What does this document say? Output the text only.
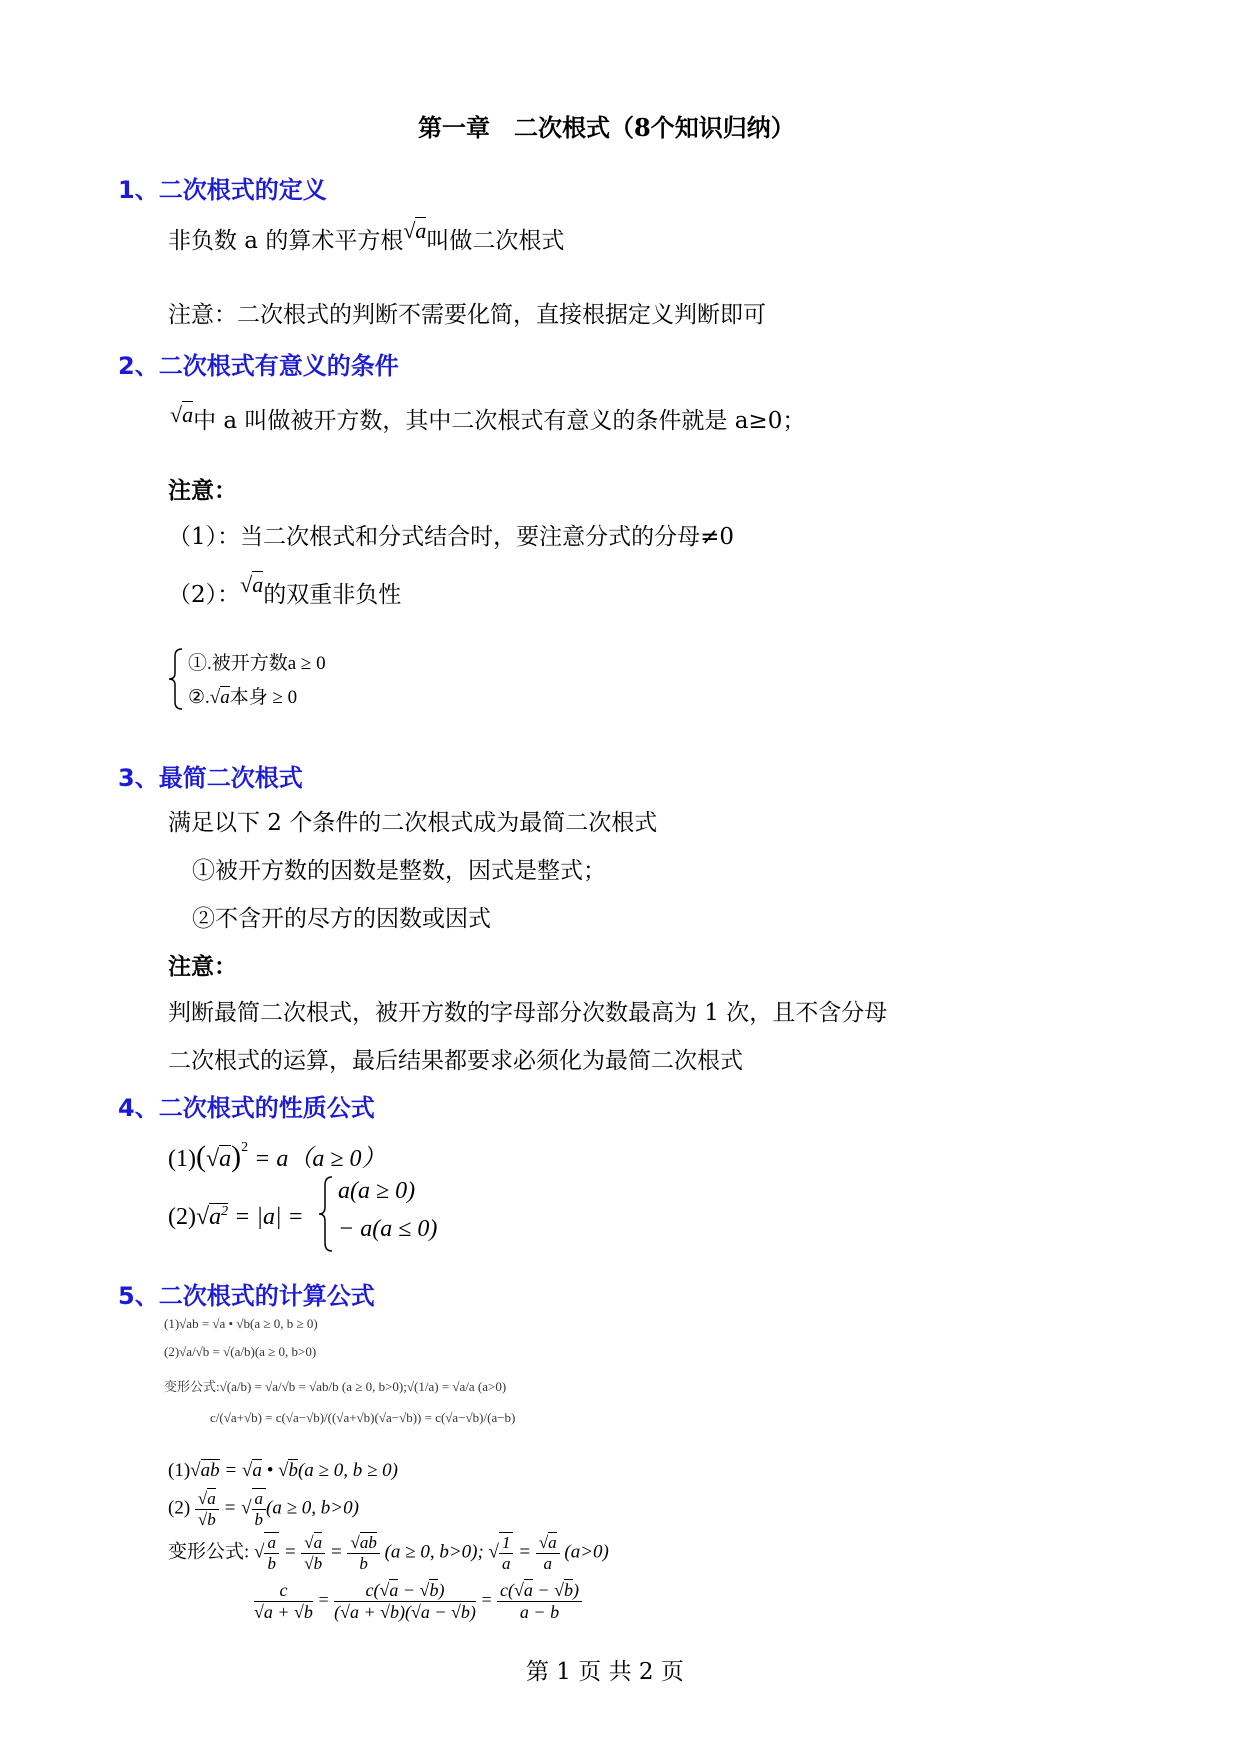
第一章　二次根式（8个知识归纳）
1、二次根式的定义
非负数 a 的算术平方根√a叫做二次根式
注意：二次根式的判断不需要化简，直接根据定义判断即可
2、二次根式有意义的条件
√a中 a 叫做被开方数，其中二次根式有意义的条件就是 a≥0；
注意：
（1）：当二次根式和分式结合时，要注意分式的分母≠0
（2）：√a的双重非负性
①.被开方数a ≥ 0
②.√a本身 ≥ 0
3、最简二次根式
满足以下 2 个条件的二次根式成为最简二次根式
①被开方数的因数是整数，因式是整式；
②不含开的尽方的因数或因式
注意：
判断最简二次根式，被开方数的字母部分次数最高为 1 次，且不含分母
二次根式的运算，最后结果都要求必须化为最简二次根式
4、二次根式的性质公式
$(1)(√a)^2 = a(a \ge 0)$
$(2)√a^2 = |a|$ =
a(a ≥ 0)
− a(a ≤ 0)
5、二次根式的计算公式
(1)√ab = √a • √b(a ≥ 0, b ≥ 0)
(2)√a/√b = √(a/b)(a ≥ 0, b>0)
变形公式:√(a/b) = √a/√b = √ab/b (a ≥ 0, b>0);√(1/a) = √a/a (a>0)
c/(√a+√b) = c(√a−√b)/((√a+√b)(√a−√b)) = c(√a−√b)/(a−b)
(1)√ab = √a • √b(a ≥ 0, b ≥ 0)
$(2) \frac{√a}{√b}$ = √ $\frac{a}{b} (a \ge 0$, b>0)
变形公式: √ $\frac{a}{b} = \frac{√a}{√b} = \frac{√ab}{b} (a \ge 0$, b>0); √ $\frac{1}{a} = \frac{√a}{a} (a>0)$
$\frac{c}{√a + √b} = \frac{c(√a - √b)}{(√a + √b)(√a - √b)} = \frac{c(√a - √b)}{a - b}$
第 1 页 共 2 页
